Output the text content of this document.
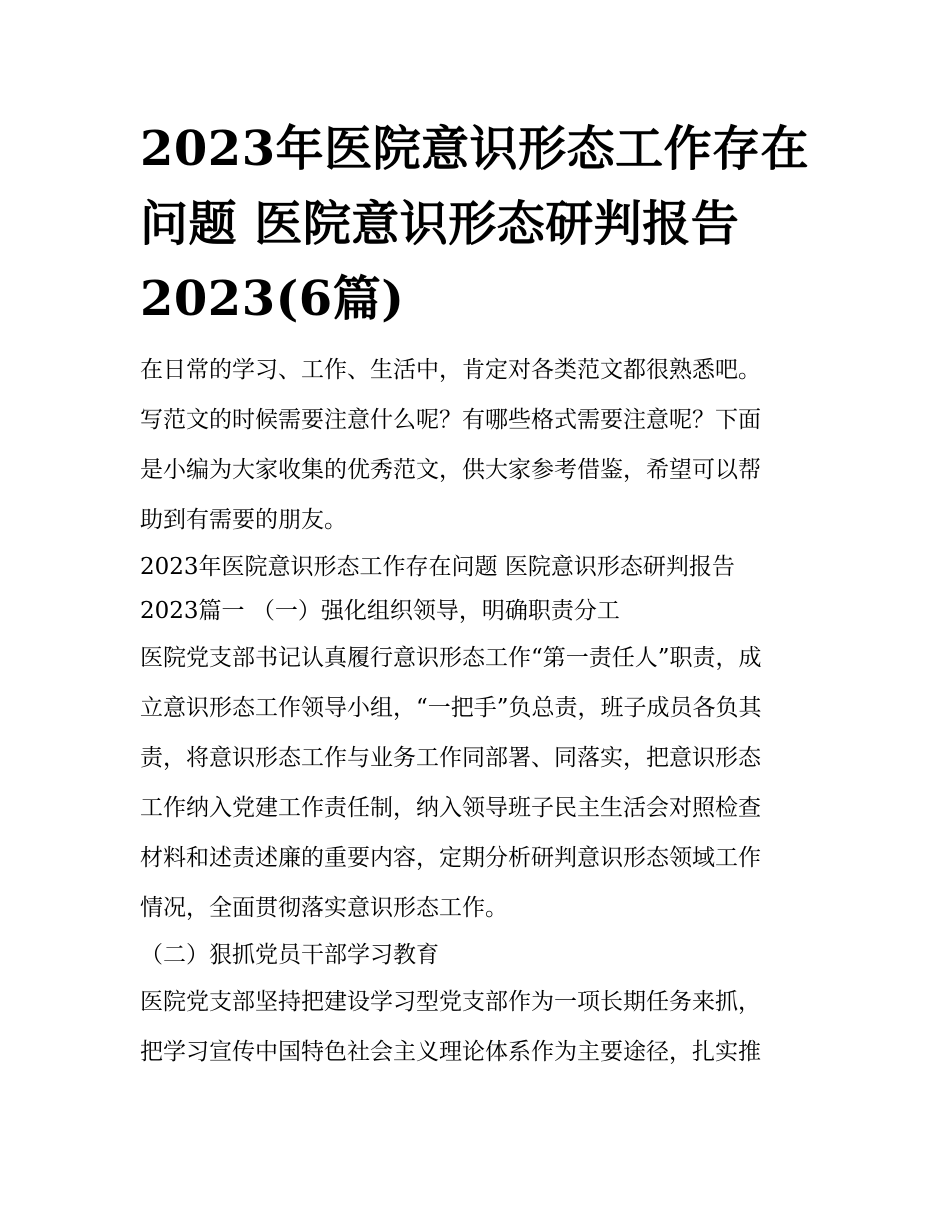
2023年医院意识形态工作存在
问题 医院意识形态研判报告
2023(6篇)

在日常的学习、工作、生活中，肯定对各类范文都很熟悉吧。
写范文的时候需要注意什么呢？有哪些格式需要注意呢？下面
是小编为大家收集的优秀范文，供大家参考借鉴，希望可以帮
助到有需要的朋友。

2023年医院意识形态工作存在问题 医院意识形态研判报告
2023篇一 （一）强化组织领导，明确职责分工

医院党支部书记认真履行意识形态工作“第一责任人”职责，成
立意识形态工作领导小组，“一把手”负总责，班子成员各负其
责，将意识形态工作与业务工作同部署、同落实，把意识形态
工作纳入党建工作责任制，纳入领导班子民主生活会对照检查
材料和述责述廉的重要内容，定期分析研判意识形态领域工作
情况，全面贯彻落实意识形态工作。

（二）狠抓党员干部学习教育

医院党支部坚持把建设学习型党支部作为一项长期任务来抓，
把学习宣传中国特色社会主义理论体系作为主要途径，扎实推
